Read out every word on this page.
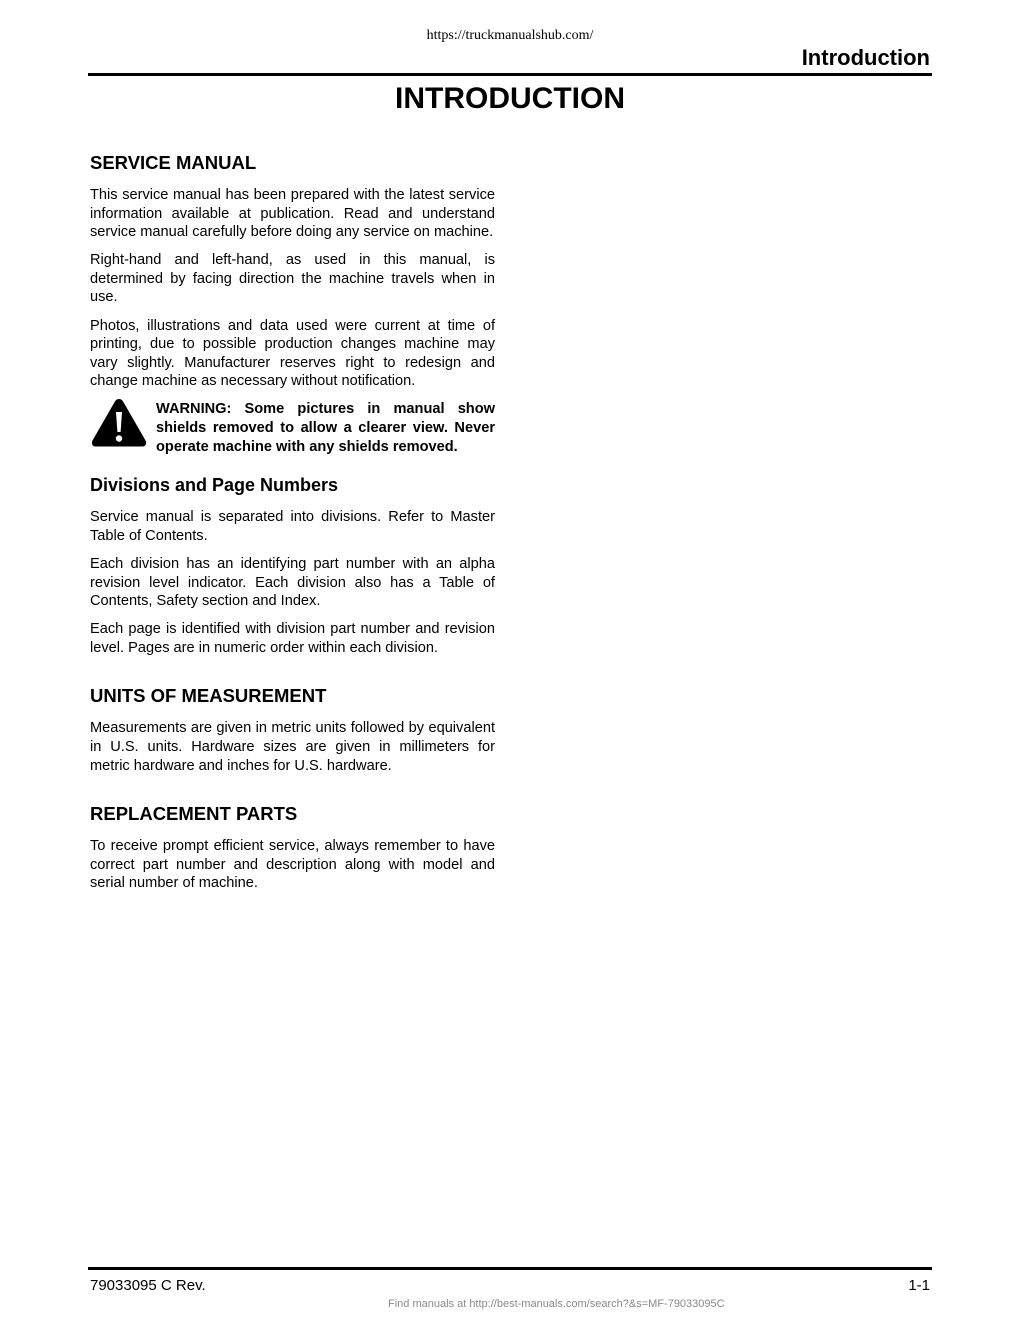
https://truckmanualshub.com/
Introduction
INTRODUCTION
SERVICE MANUAL

This service manual has been prepared with the latest service information available at publication. Read and understand service manual carefully before doing any service on machine.

Right-hand and left-hand, as used in this manual, is determined by facing direction the machine travels when in use.

Photos, illustrations and data used were current at time of printing, due to possible production changes machine may vary slightly. Manufacturer reserves right to redesign and change machine as necessary without notification.

WARNING: Some pictures in manual show shields removed to allow a clearer view. Never operate machine with any shields removed.
Divisions and Page Numbers

Service manual is separated into divisions. Refer to Master Table of Contents.

Each division has an identifying part number with an alpha revision level indicator. Each division also has a Table of Contents, Safety section and Index.

Each page is identified with division part number and revision level. Pages are in numeric order within each division.

UNITS OF MEASUREMENT

Measurements are given in metric units followed by equivalent in U.S. units. Hardware sizes are given in millimeters for metric hardware and inches for U.S. hardware.

REPLACEMENT PARTS

To receive prompt efficient service, always remember to have correct part number and description along with model and serial number of machine.

79033095 C Rev.	1-1
Find manuals at http://best-manuals.com/search?&s=MF-79033095C
